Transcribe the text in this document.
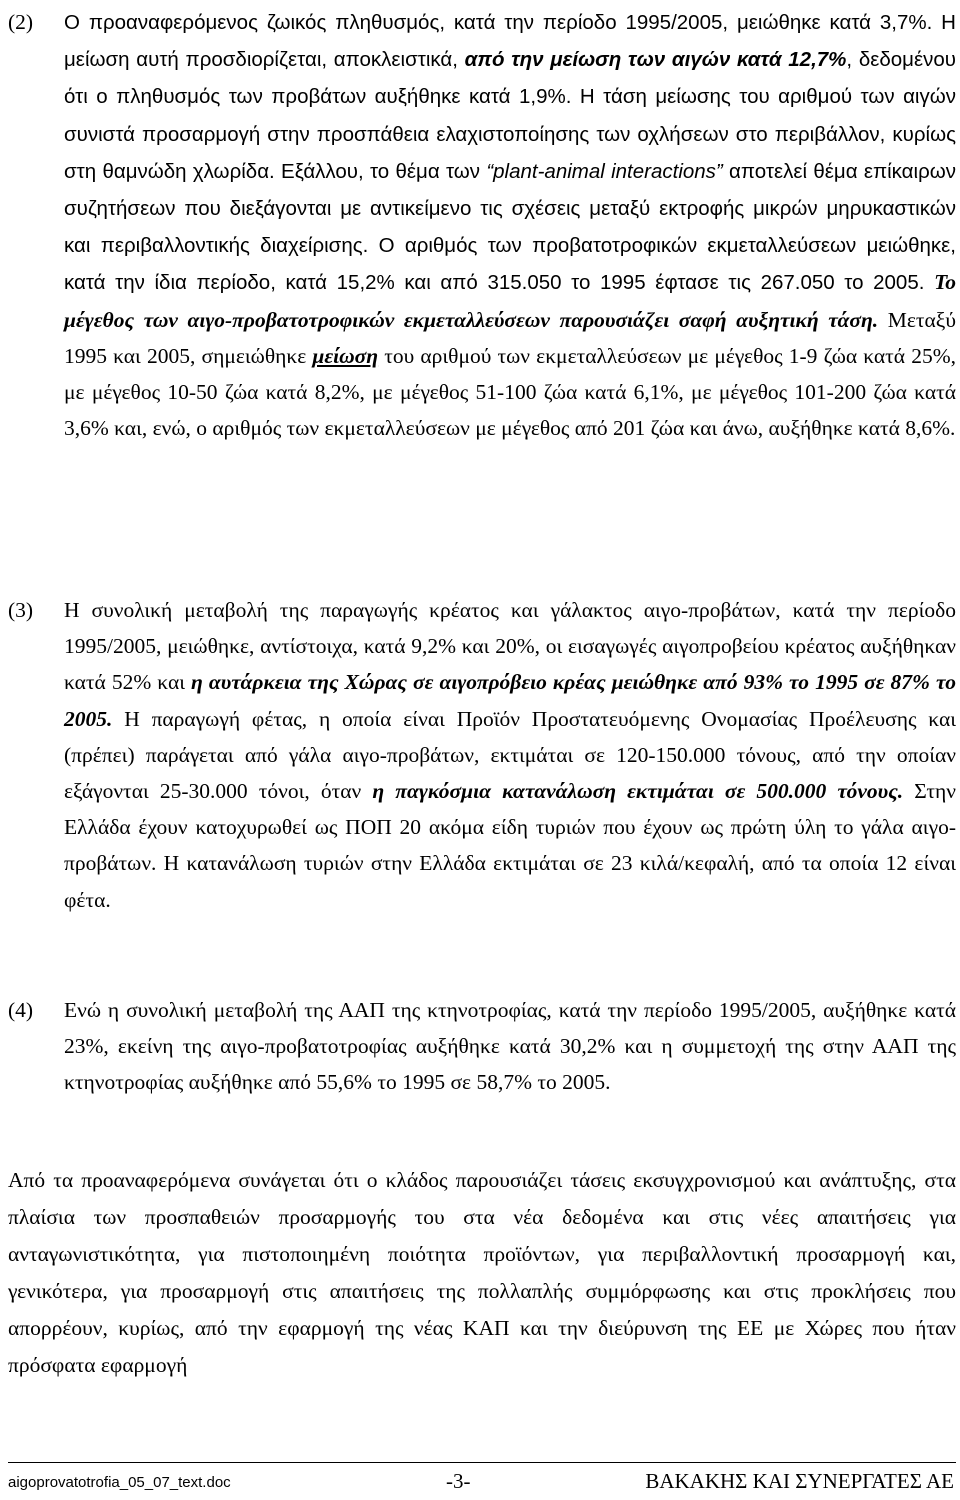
(2)	Ο προαναφερόμενος ζωικός πληθυσμός, κατά την περίοδο 1995/2005, μειώθηκε κατά 3,7%. Η μείωση αυτή προσδιορίζεται, αποκλειστικά, από την μείωση των αιγών κατά 12,7%, δεδομένου ότι ο πληθυσμός των προβάτων αυξήθηκε κατά 1,9%. Η τάση μείωσης του αριθμού των αιγών συνιστά προσαρμογή στην προσπάθεια ελαχιστοποίησης των οχλήσεων στο περιβάλλον, κυρίως στη θαμνώδη χλωρίδα. Εξάλλου, το θέμα των “plant-animal interactions” αποτελεί θέμα επίκαιρων συζητήσεων που διεξάγονται με αντικείμενο τις σχέσεις μεταξύ εκτροφής μικρών μηρυκαστικών και περιβαλλοντικής διαχείρισης. Ο αριθμός των προβατοτροφικών εκμεταλλεύσεων μειώθηκε, κατά την ίδια περίοδο, κατά 15,2% και από 315.050 το 1995 έφτασε τις 267.050 το 2005. Το μέγεθος των αιγο-προβατοτροφικών εκμεταλλεύσεων παρουσιάζει σαφή αυξητική τάση. Μεταξύ 1995 και 2005, σημειώθηκε μείωση του αριθμού των εκμεταλλεύσεων με μέγεθος 1-9 ζώα κατά 25%, με μέγεθος 10-50 ζώα κατά 8,2%, με μέγεθος 51-100 ζώα κατά 6,1%, με μέγεθος 101-200 ζώα κατά 3,6% και, ενώ, ο αριθμός των εκμεταλλεύσεων με μέγεθος από 201 ζώα και άνω, αυξήθηκε κατά 8,6%.
(3)	Η συνολική μεταβολή της παραγωγής κρέατος και γάλακτος αιγο-προβάτων, κατά την περίοδο 1995/2005, μειώθηκε, αντίστοιχα, κατά 9,2% και 20%, οι εισαγωγές αιγοπροβείου κρέατος αυξήθηκαν κατά 52% και η αυτάρκεια της Χώρας σε αιγοπρόβειο κρέας μειώθηκε από 93% το 1995 σε 87% το 2005. Η παραγωγή φέτας, η οποία είναι Προϊόν Προστατευόμενης Ονομασίας Προέλευσης και (πρέπει) παράγεται από γάλα αιγο-προβάτων, εκτιμάται σε 120-150.000 τόνους, από την οποίαν εξάγονται 25-30.000 τόνοι, όταν η παγκόσμια κατανάλωση εκτιμάται σε 500.000 τόνους. Στην Ελλάδα έχουν κατοχυρωθεί ως ΠΟΠ 20 ακόμα είδη τυριών που έχουν ως πρώτη ύλη το γάλα αιγο-προβάτων. Η κατανάλωση τυριών στην Ελλάδα εκτιμάται σε 23 κιλά/κεφαλή, από τα οποία 12 είναι φέτα.
(4)	Ενώ η συνολική μεταβολή της ΑΑΠ της κτηνοτροφίας, κατά την περίοδο 1995/2005, αυξήθηκε κατά 23%, εκείνη της αιγο-προβατοτροφίας αυξήθηκε κατά 30,2% και η συμμετοχή της στην ΑΑΠ της κτηνοτροφίας αυξήθηκε από 55,6% το 1995 σε 58,7% το 2005.
Από τα προαναφερόμενα συνάγεται ότι ο κλάδος παρουσιάζει τάσεις εκσυγχρονισμού και ανάπτυξης, στα πλαίσια των προσπαθειών προσαρμογής του στα νέα δεδομένα και στις νέες απαιτήσεις για ανταγωνιστικότητα, για πιστοποιημένη ποιότητα προϊόντων, για περιβαλλοντική προσαρμογή και, γενικότερα, για προσαρμογή στις απαιτήσεις της πολλαπλής συμμόρφωσης και στις προκλήσεις που απορρέουν, κυρίως, από την εφαρμογή της νέας ΚΑΠ και την διεύρυνση της ΕΕ με Χώρες που ήταν πρόσφατα εφαρμογή
aigoprovatotrofia_05_07_text.doc	-3-	ΒΑΚΑΚΗΣ ΚΑΙ ΣΥΝΕΡΓΑΤΕΣ ΑΕ
